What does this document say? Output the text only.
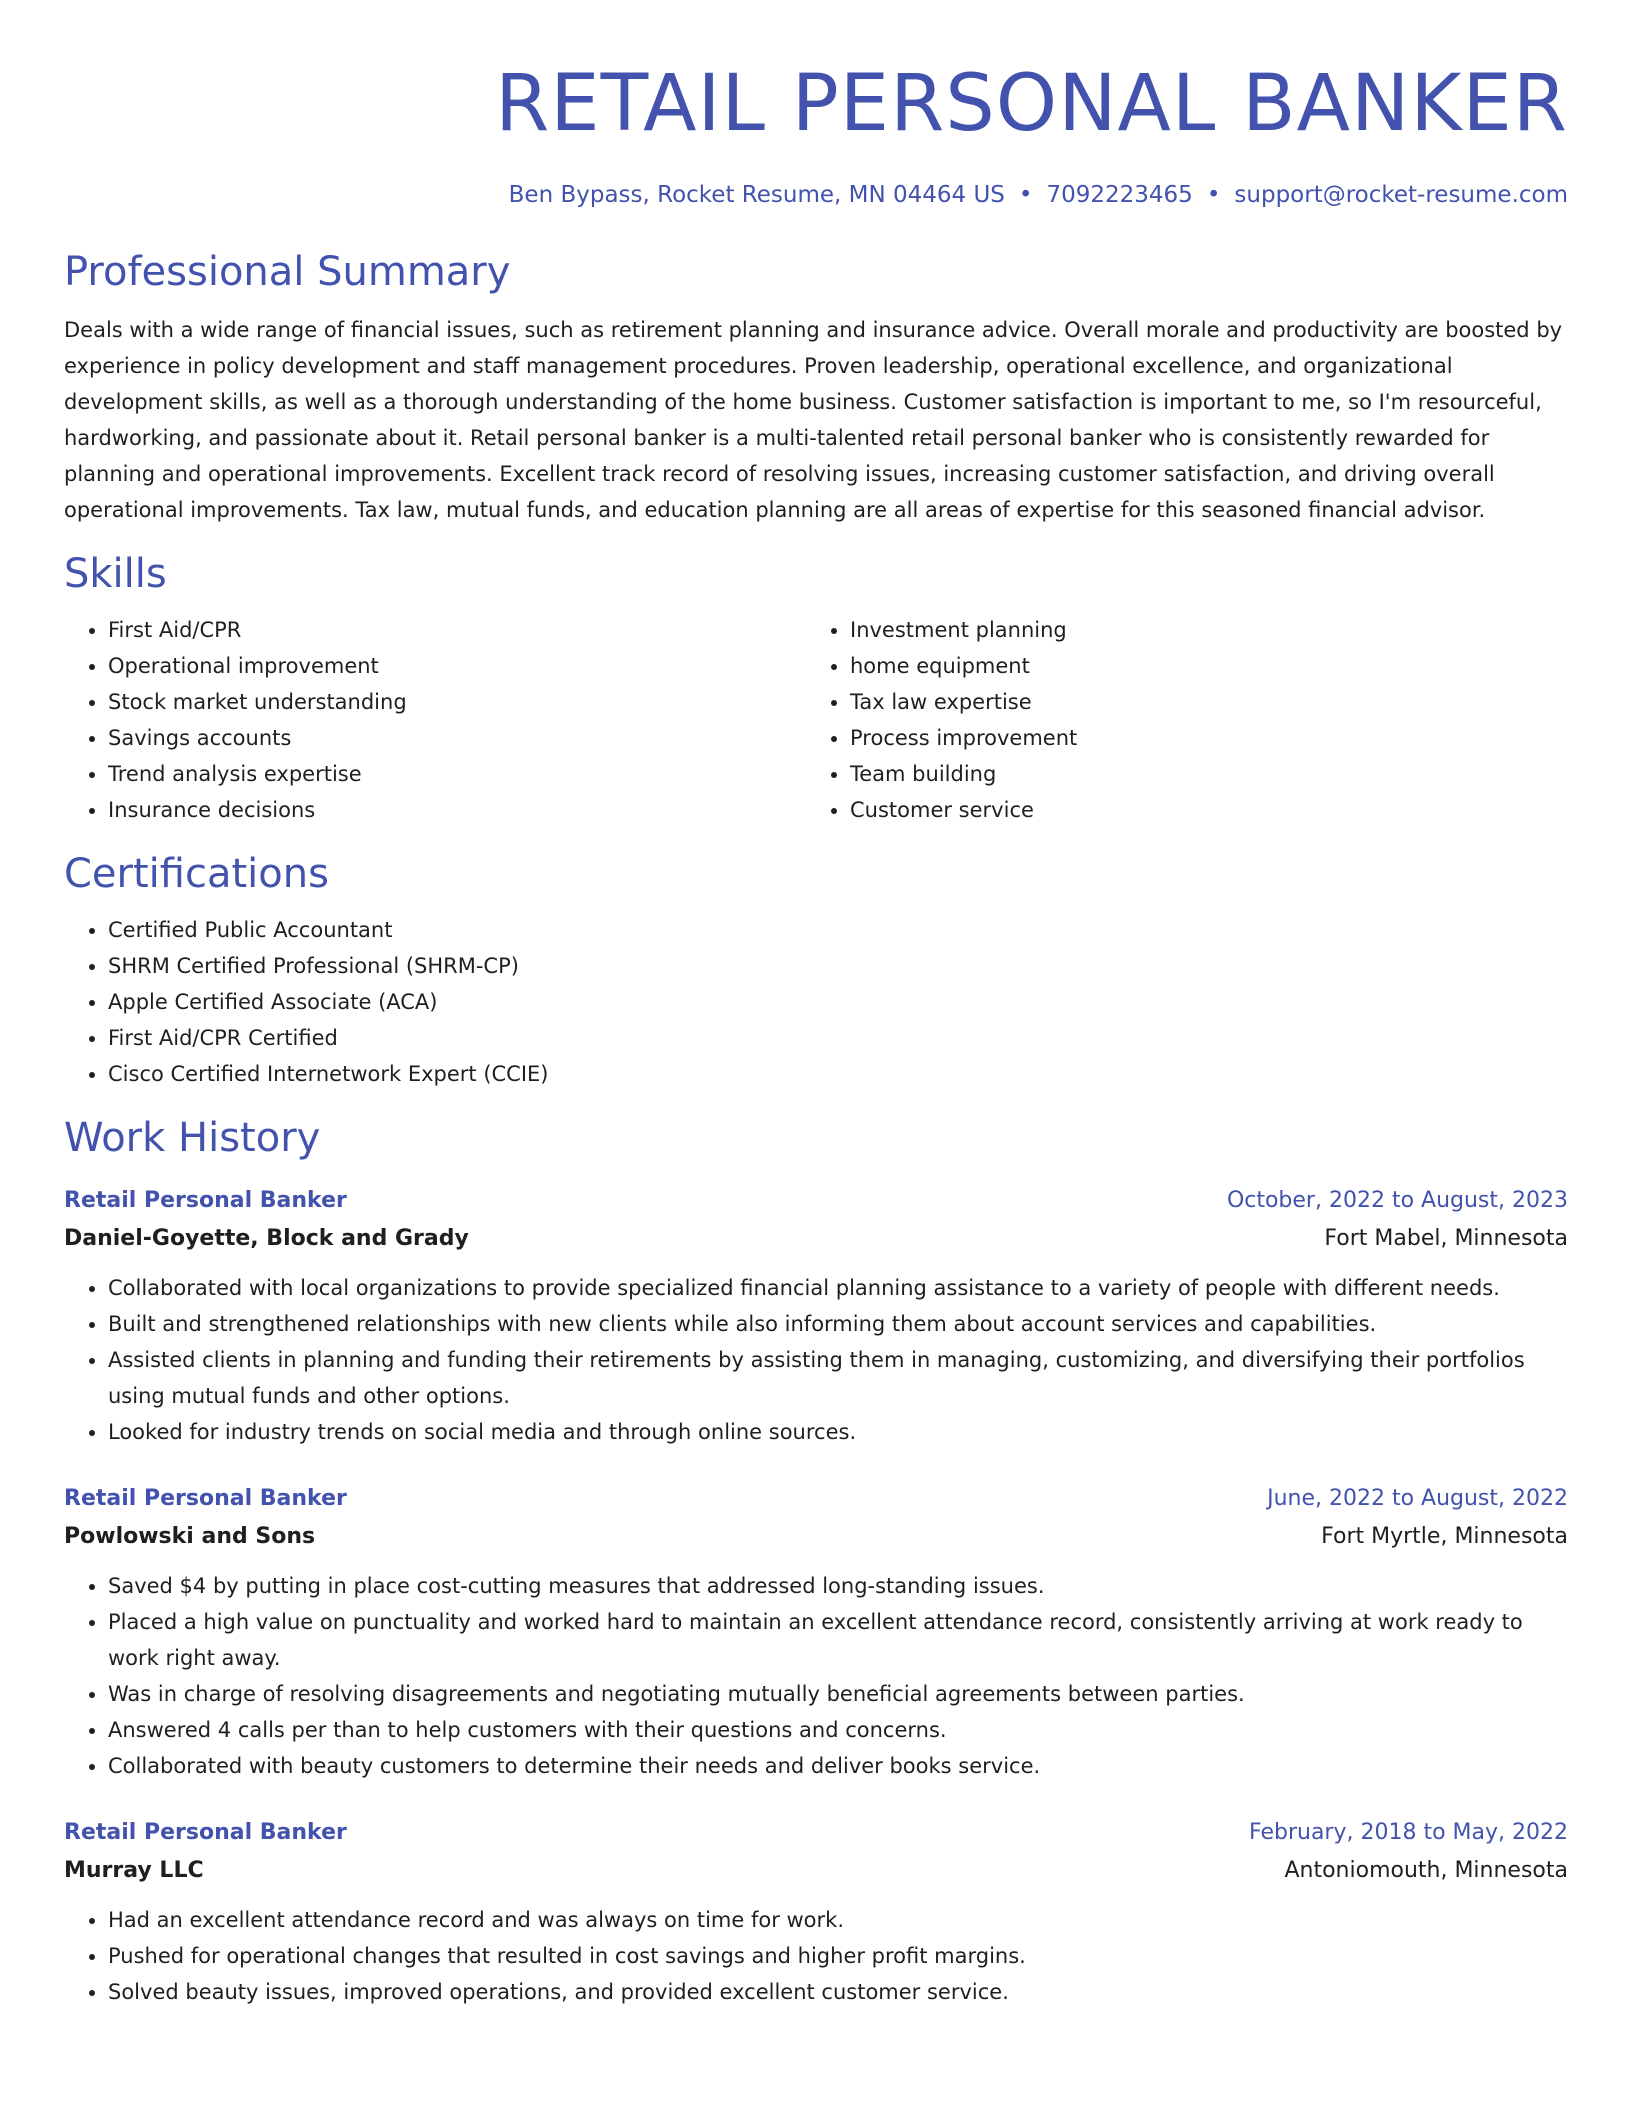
RETAIL PERSONAL BANKER
Ben Bypass, Rocket Resume, MN 04464 US • 7092223465 • support@rocket-resume.com
Professional Summary

Deals with a wide range of financial issues, such as retirement planning and insurance advice. Overall morale and productivity are boosted by experience in policy development and staff management procedures. Proven leadership, operational excellence, and organizational development skills, as well as a thorough understanding of the home business. Customer satisfaction is important to me, so I'm resourceful, hardworking, and passionate about it. Retail personal banker is a multi-talented retail personal banker who is consistently rewarded for planning and operational improvements. Excellent track record of resolving issues, increasing customer satisfaction, and driving overall operational improvements. Tax law, mutual funds, and education planning are all areas of expertise for this seasoned financial advisor.

Skills
• First Aid/CPR
• Operational improvement
• Stock market understanding
• Savings accounts
• Trend analysis expertise
• Insurance decisions
• Investment planning
• home equipment
• Tax law expertise
• Process improvement
• Team building
• Customer service
Certifications
• Certified Public Accountant
• SHRM Certified Professional (SHRM-CP)
• Apple Certified Associate (ACA)
• First Aid/CPR Certified
• Cisco Certified Internetwork Expert (CCIE)
Work History
Retail Personal Banker	October, 2022 to August, 2023
Daniel-Goyette, Block and Grady	Fort Mabel, Minnesota
• Collaborated with local organizations to provide specialized financial planning assistance to a variety of people with different needs.
• Built and strengthened relationships with new clients while also informing them about account services and capabilities.
• Assisted clients in planning and funding their retirements by assisting them in managing, customizing, and diversifying their portfolios using mutual funds and other options.
• Looked for industry trends on social media and through online sources.
Retail Personal Banker	June, 2022 to August, 2022
Powlowski and Sons	Fort Myrtle, Minnesota
• Saved $4 by putting in place cost-cutting measures that addressed long-standing issues.
• Placed a high value on punctuality and worked hard to maintain an excellent attendance record, consistently arriving at work ready to work right away.
• Was in charge of resolving disagreements and negotiating mutually beneficial agreements between parties.
• Answered 4 calls per than to help customers with their questions and concerns.
• Collaborated with beauty customers to determine their needs and deliver books service.
Retail Personal Banker	February, 2018 to May, 2022
Murray LLC	Antoniomouth, Minnesota
• Had an excellent attendance record and was always on time for work.
• Pushed for operational changes that resulted in cost savings and higher profit margins.
• Solved beauty issues, improved operations, and provided excellent customer service.
